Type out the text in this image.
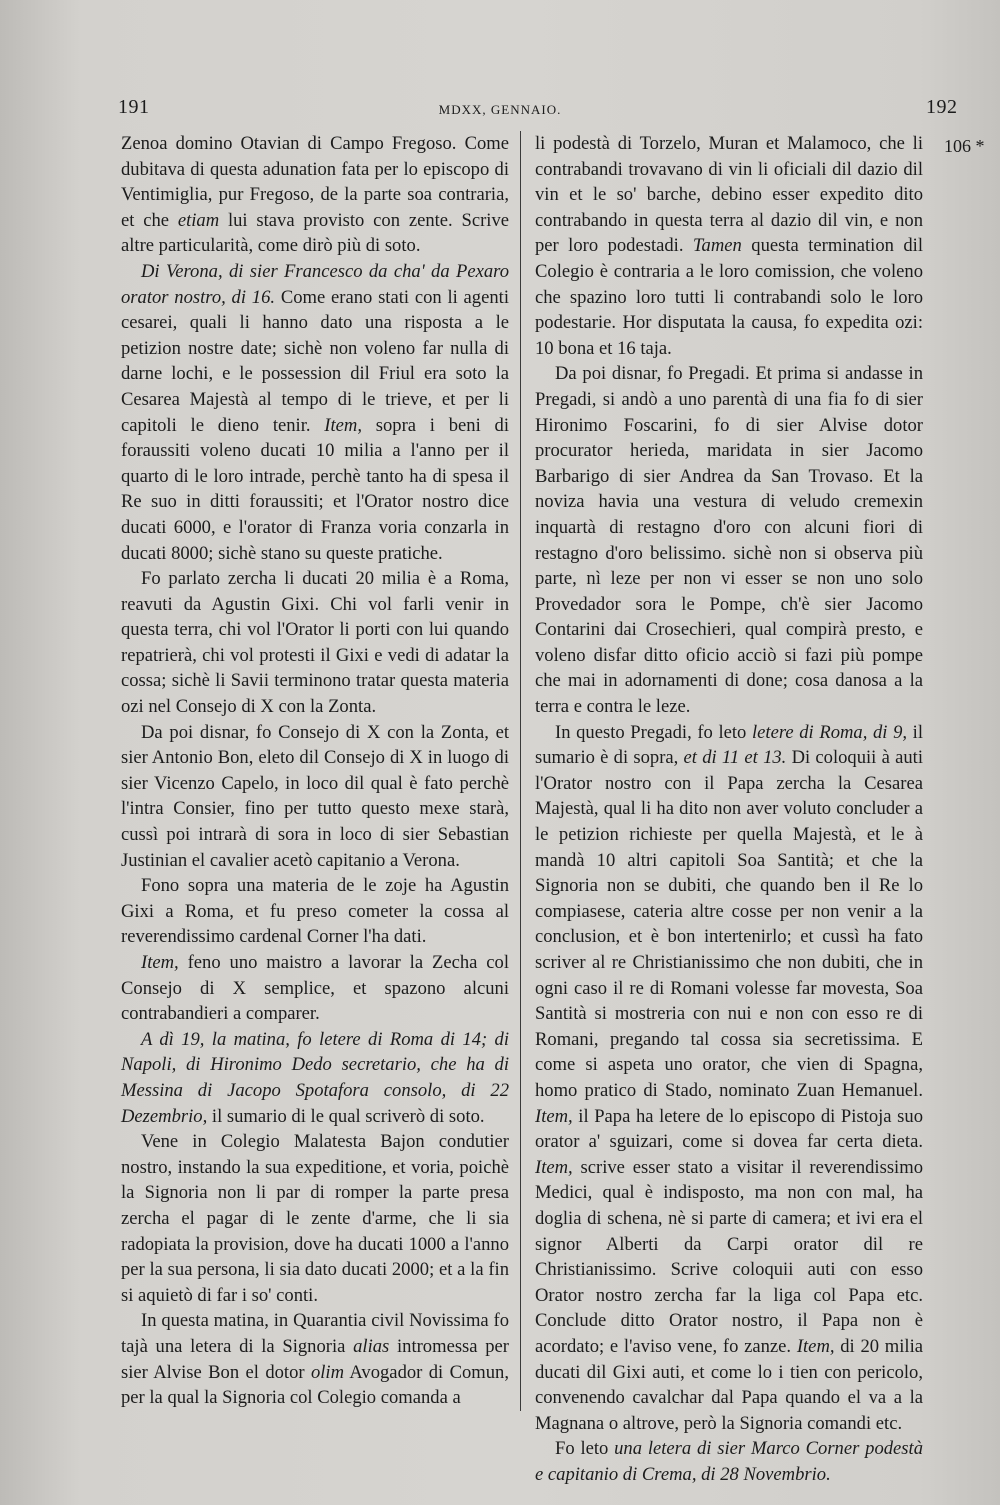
191	MDXX, GENNAIO.	192
106 *

Zenoa domino Otavian di Campo Fregoso. Come dubitava di questa adunation fata per lo episcopo di Ventimiglia, pur Fregoso, de la parte soa contraria, et che etiam lui stava provisto con zente. Scrive altre particularità, come dirò più di soto.

Di Verona, di sier Francesco da cha' da Pexaro orator nostro, di 16. Come erano stati con li agenti cesarei, quali li hanno dato una risposta a le petizion nostre date; sichè non voleno far nulla di darne lochi, e le possession dil Friul era soto la Cesarea Majestà al tempo di le trieve, et per li capitoli le dieno tenir. Item, sopra i beni di foraussiti voleno ducati 10 milia a l'anno per il quarto di le loro intrade, perchè tanto ha di spesa il Re suo in ditti foraussiti; et l'Orator nostro dice ducati 6000, e l'orator di Franza voria conzarla in ducati 8000; sichè stano su queste pratiche.

Fo parlato zercha li ducati 20 milia è a Roma, reavuti da Agustin Gixi. Chi vol farli venir in questa terra, chi vol l'Orator li porti con lui quando repatrierà, chi vol protesti il Gixi e vedi di adatar la cossa; sichè li Savii terminono tratar questa materia ozi nel Consejo di X con la Zonta.

Da poi disnar, fo Consejo di X con la Zonta, et sier Antonio Bon, eleto dil Consejo di X in luogo di sier Vicenzo Capelo, in loco dil qual è fato perchè l'intra Consier, fino per tutto questo mexe starà, cussì poi intrarà di sora in loco di sier Sebastian Justinian el cavalier acetò capitanio a Verona.

Fono sopra una materia de le zoje ha Agustin Gixi a Roma, et fu preso cometer la cossa al reverendissimo cardenal Corner l'ha dati.

Item, feno uno maistro a lavorar la Zecha col Consejo di X semplice, et spazono alcuni contrabandieri a comparer.

A dì 19, la matina, fo letere di Roma di 14; di Napoli, di Hironimo Dedo secretario, che ha di Messina di Jacopo Spotafora consolo, di 22 Dezembrio, il sumario di le qual scriverò di soto.

Vene in Colegio Malatesta Bajon condutier nostro, instando la sua expeditione, et voria, poichè la Signoria non li par di romper la parte presa zercha el pagar di le zente d'arme, che li sia radopiata la provision, dove ha ducati 1000 a l'anno per la sua persona, li sia dato ducati 2000; et a la fin si aquietò di far i so' conti.

In questa matina, in Quarantia civil Novissima fo tajà una letera di la Signoria alias intromessa per sier Alvise Bon el dotor olim Avogador di Comun, per la qual la Signoria col Colegio comanda a

li podestà di Torzelo, Muran et Malamoco, che li contrabandi trovavano di vin li oficiali dil dazio dil vin et le so' barche, debino esser expedito dito contrabando in questa terra al dazio dil vin, e non per loro podestadi. Tamen questa termination dil Colegio è contraria a le loro comission, che voleno che spazino loro tutti li contrabandi solo le loro podestarie. Hor disputata la causa, fo expedita ozi: 10 bona et 16 taja.

Da poi disnar, fo Pregadi. Et prima si andasse in Pregadi, si andò a uno parentà di una fia fo di sier Hironimo Foscarini, fo di sier Alvise dotor procurator herieda, maridata in sier Jacomo Barbarigo di sier Andrea da San Trovaso. Et la noviza havia una vestura di veludo cremexin inquartà di restagno d'oro con alcuni fiori di restagno d'oro belissimo. sichè non si observa più parte, nì leze per non vi esser se non uno solo Provedador sora le Pompe, ch'è sier Jacomo Contarini dai Crosechieri, qual compirà presto, e voleno disfar ditto oficio acciò si fazi più pompe che mai in adornamenti di done; cosa danosa a la terra e contra le leze.

In questo Pregadi, fo leto letere di Roma, di 9, il sumario è di sopra, et di 11 et 13. Di coloquii à auti l'Orator nostro con il Papa zercha la Cesarea Majestà, qual li ha dito non aver voluto concluder a le petizion richieste per quella Majestà, et le à mandà 10 altri capitoli Soa Santità; et che la Signoria non se dubiti, che quando ben il Re lo compiasese, cateria altre cosse per non venir a la conclusion, et è bon intertenirlo; et cussì ha fato scriver al re Christianissimo che non dubiti, che in ogni caso il re di Romani volesse far movesta, Soa Santità si mostreria con nui e non con esso re di Romani, pregando tal cossa sia secretissima. E come si aspeta uno orator, che vien di Spagna, homo pratico di Stado, nominato Zuan Hemanuel. Item, il Papa ha letere de lo episcopo di Pistoja suo orator a' sguizari, come si dovea far certa dieta. Item, scrive esser stato a visitar il reverendissimo Medici, qual è indisposto, ma non con mal, ha doglia di schena, nè si parte di camera; et ivi era el signor Alberti da Carpi orator dil re Christianissimo. Scrive coloquii auti con esso Orator nostro zercha far la liga col Papa etc. Conclude ditto Orator nostro, il Papa non è acordato; e l'aviso vene, fo zanze. Item, di 20 milia ducati dil Gixi auti, et come lo i tien con pericolo, convenendo cavalchar dal Papa quando el va a la Magnana o altrove, però la Signoria comandi etc.

Fo leto una letera di sier Marco Corner podestà e capitanio di Crema, di 28 Novembrio.
